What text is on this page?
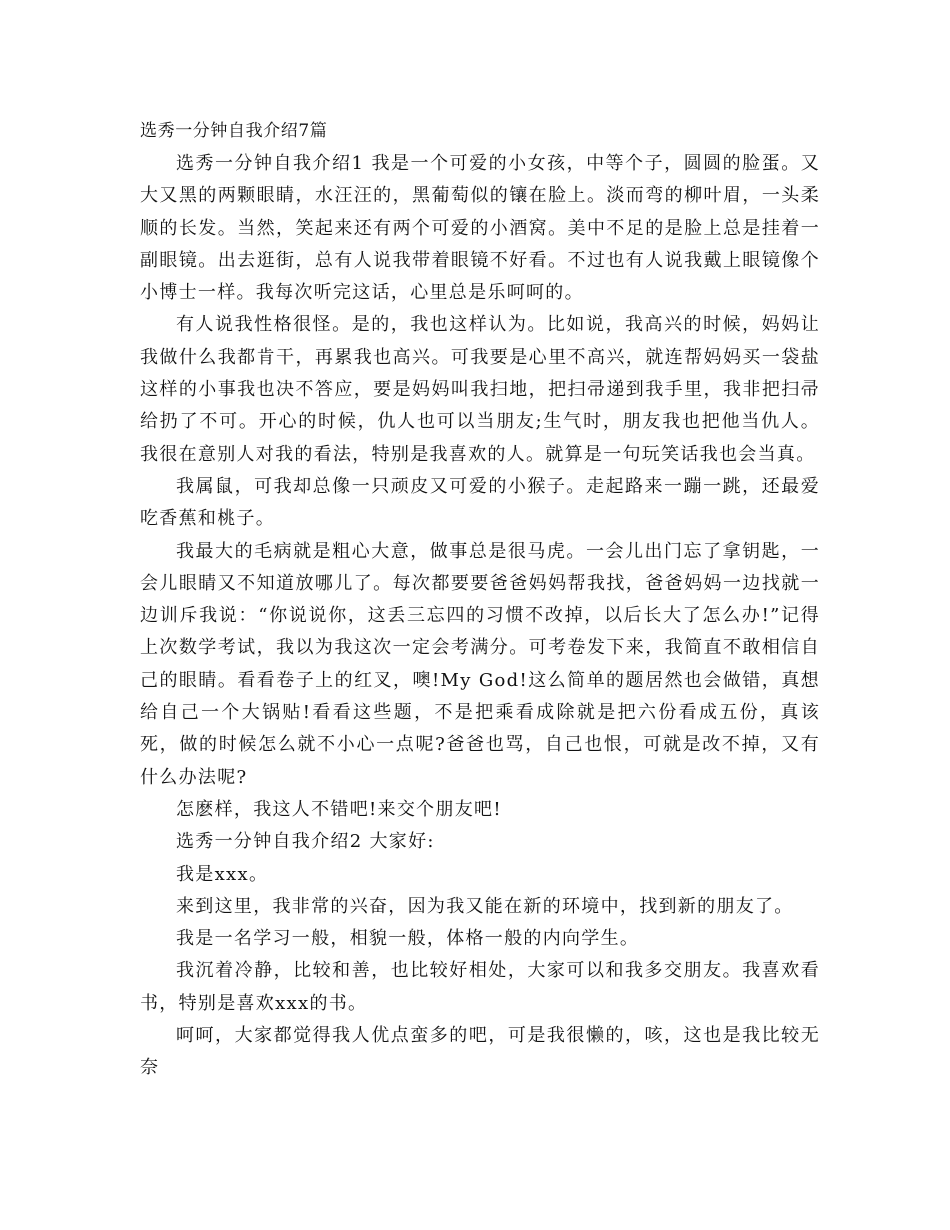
选秀一分钟自我介绍7篇

选秀一分钟自我介绍1 我是一个可爱的小女孩，中等个子，圆圆的脸蛋。又大又黑的两颗眼睛，水汪汪的，黑葡萄似的镶在脸上。淡而弯的柳叶眉，一头柔顺的长发。当然，笑起来还有两个可爱的小酒窝。美中不足的是脸上总是挂着一副眼镜。出去逛街，总有人说我带着眼镜不好看。不过也有人说我戴上眼镜像个小博士一样。我每次听完这话，心里总是乐呵呵的。

有人说我性格很怪。是的，我也这样认为。比如说，我高兴的时候，妈妈让我做什么我都肯干，再累我也高兴。可我要是心里不高兴，就连帮妈妈买一袋盐这样的小事我也决不答应，要是妈妈叫我扫地，把扫帚递到我手里，我非把扫帚给扔了不可。开心的时候，仇人也可以当朋友;生气时，朋友我也把他当仇人。我很在意别人对我的看法，特别是我喜欢的人。就算是一句玩笑话我也会当真。

我属鼠，可我却总像一只顽皮又可爱的小猴子。走起路来一蹦一跳，还最爱吃香蕉和桃子。

我最大的毛病就是粗心大意，做事总是很马虎。一会儿出门忘了拿钥匙，一会儿眼睛又不知道放哪儿了。每次都要要爸爸妈妈帮我找，爸爸妈妈一边找就一边训斥我说：“你说说你，这丢三忘四的习惯不改掉，以后长大了怎么办!”记得上次数学考试，我以为我这次一定会考满分。可考卷发下来，我简直不敢相信自己的眼睛。看看卷子上的红叉，噢!My God!这么简单的题居然也会做错，真想给自己一个大锅贴!看看这些题，不是把乘看成除就是把六份看成五份，真该死，做的时候怎么就不小心一点呢?爸爸也骂，自己也恨，可就是改不掉，又有什么办法呢?

怎麽样，我这人不错吧!来交个朋友吧!

选秀一分钟自我介绍2 大家好:

我是xxx。

来到这里，我非常的兴奋，因为我又能在新的环境中，找到新的朋友了。

我是一名学习一般，相貌一般，体格一般的内向学生。

我沉着冷静，比较和善，也比较好相处，大家可以和我多交朋友。我喜欢看书，特别是喜欢xxx的书。

呵呵，大家都觉得我人优点蛮多的吧，可是我很懒的，咳，这也是我比较无奈
